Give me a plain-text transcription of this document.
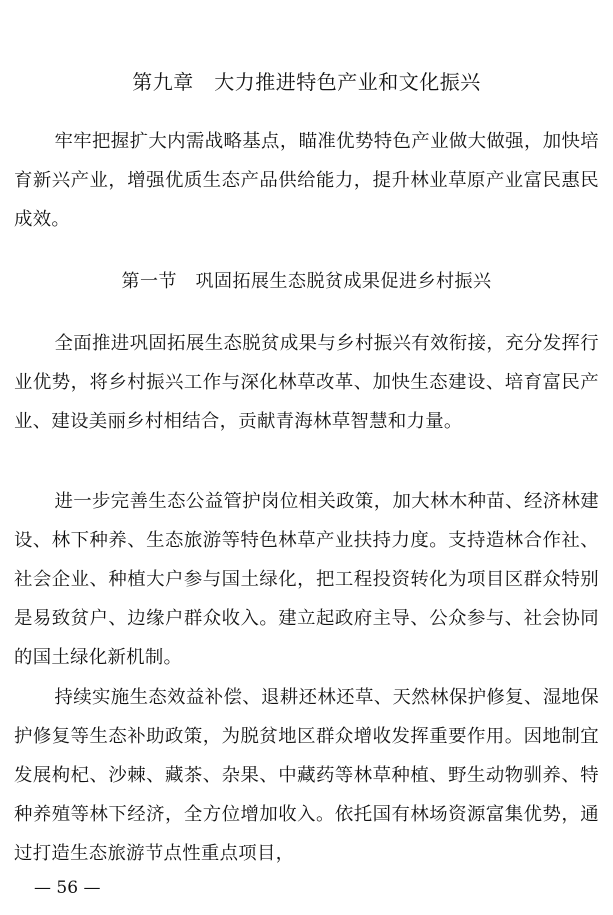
第九章　大力推进特色产业和文化振兴
牢牢把握扩大内需战略基点，瞄准优势特色产业做大做强，加快培育新兴产业，增强优质生态产品供给能力，提升林业草原产业富民惠民成效。
第一节　巩固拓展生态脱贫成果促进乡村振兴
全面推进巩固拓展生态脱贫成果与乡村振兴有效衔接，充分发挥行业优势，将乡村振兴工作与深化林草改革、加快生态建设、培育富民产业、建设美丽乡村相结合，贡献青海林草智慧和力量。
进一步完善生态公益管护岗位相关政策，加大林木种苗、经济林建设、林下种养、生态旅游等特色林草产业扶持力度。支持造林合作社、社会企业、种植大户参与国土绿化，把工程投资转化为项目区群众特别是易致贫户、边缘户群众收入。建立起政府主导、公众参与、社会协同的国土绿化新机制。
持续实施生态效益补偿、退耕还林还草、天然林保护修复、湿地保护修复等生态补助政策，为脱贫地区群众增收发挥重要作用。因地制宜发展枸杞、沙棘、藏茶、杂果、中藏药等林草种植、野生动物驯养、特种养殖等林下经济，全方位增加收入。依托国有林场资源富集优势，通过打造生态旅游节点性重点项目，
— 56 —
